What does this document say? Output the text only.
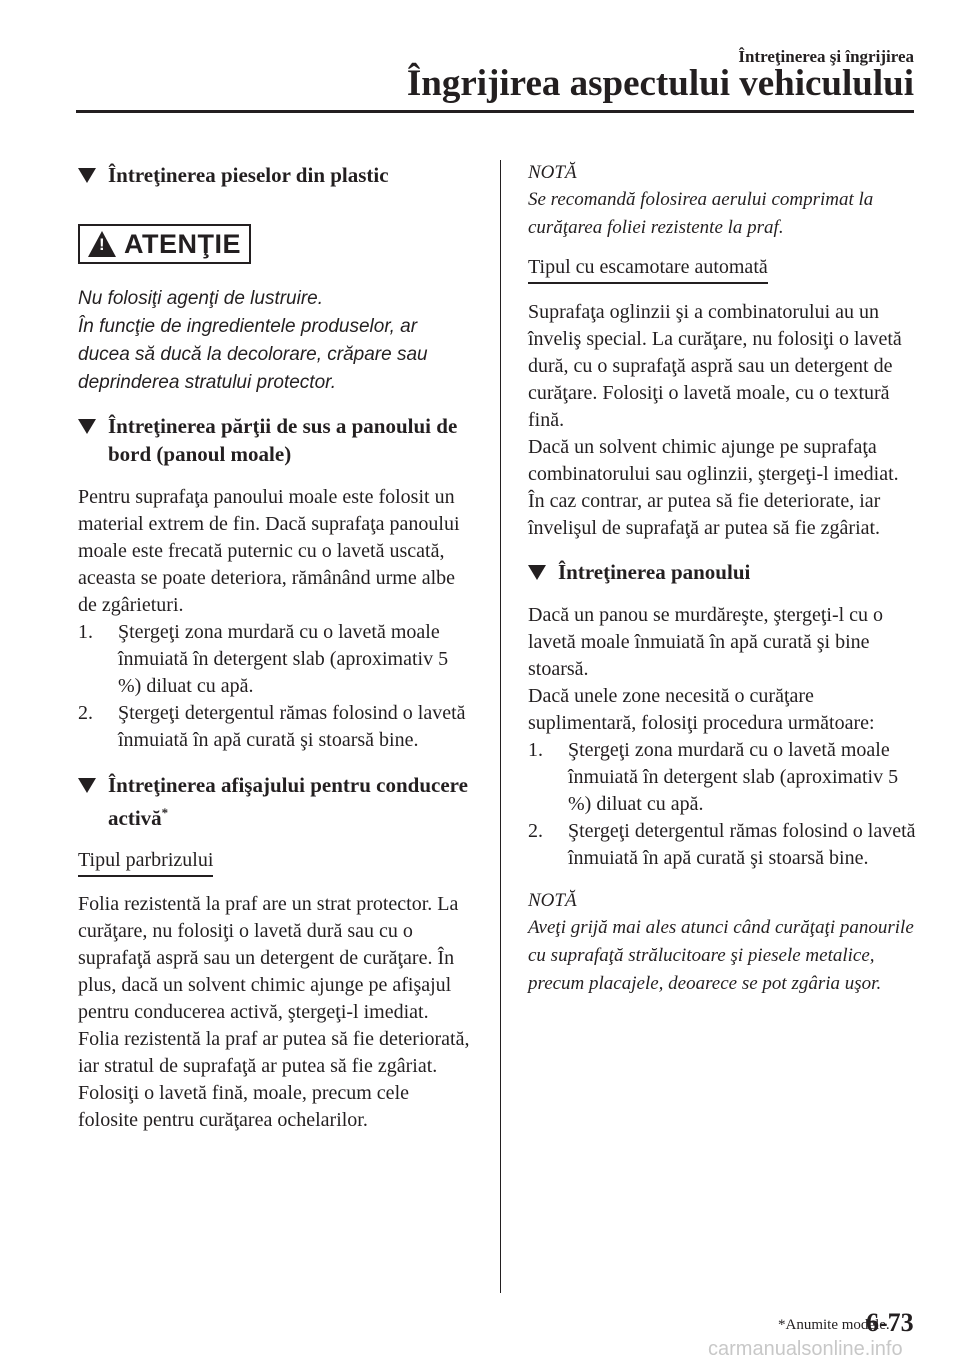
Întreţinerea şi îngrijirea
Îngrijirea aspectului vehiculului
Întreţinerea pieselor din plastic
! ATENŢIE
Nu folosiţi agenţi de lustruire.
În funcţie de ingredientele produselor, ar ducea să ducă la decolorare, crăpare sau deprinderea stratului protector.
Întreţinerea părţii de sus a panoului de bord (panoul moale)

Pentru suprafaţa panoului moale este folosit un material extrem de fin. Dacă suprafaţa panoului moale este frecată puternic cu o lavetă uscată, aceasta se poate deteriora, rămânând urme albe de zgârieturi.

1. Ştergeţi zona murdară cu o lavetă moale înmuiată în detergent slab (aproximativ 5 %) diluat cu apă.
2. Ştergeţi detergentul rămas folosind o lavetă înmuiată în apă curată şi stoarsă bine.
Întreţinerea afişajului pentru conducere activă*
Tipul parbrizului

Folia rezistentă la praf are un strat protector. La curăţare, nu folosiţi o lavetă dură sau cu o suprafaţă aspră sau un detergent de curăţare. În plus, dacă un solvent chimic ajunge pe afişajul pentru conducerea activă, ştergeţi-l imediat. Folia rezistentă la praf ar putea să fie deteriorată, iar stratul de suprafaţă ar putea să fie zgâriat. Folosiţi o lavetă fină, moale, precum cele folosite pentru curăţarea ochelarilor.

NOTĂ
Se recomandă folosirea aerului comprimat la curăţarea foliei rezistente la praf.
Tipul cu escamotare automată

Suprafaţa oglinzii şi a combinatorului au un înveliş special. La curăţare, nu folosiţi o lavetă dură, cu o suprafaţă aspră sau un detergent de curăţare. Folosiţi o lavetă moale, cu o textură fină.
Dacă un solvent chimic ajunge pe suprafaţa combinatorului sau oglinzii, ştergeţi-l imediat. În caz contrar, ar putea să fie deteriorate, iar învelişul de suprafaţă ar putea să fie zgâriat.

Întreţinerea panoului

Dacă un panou se murdăreşte, ştergeţi-l cu o lavetă moale înmuiată în apă curată şi bine stoarsă.
Dacă unele zone necesită o curăţare suplimentară, folosiţi procedura următoare:

1. Ştergeţi zona murdară cu o lavetă moale înmuiată în detergent slab (aproximativ 5 %) diluat cu apă.
2. Ştergeţi detergentul rămas folosind o lavetă înmuiată în apă curată şi stoarsă bine.
NOTĂ
Aveţi grijă mai ales atunci când curăţaţi panourile cu suprafaţă strălucitoare şi piesele metalice, precum placajele, deoarece se pot zgâria uşor.
*Anumite modele.
6-73
carmanualsonline.info
